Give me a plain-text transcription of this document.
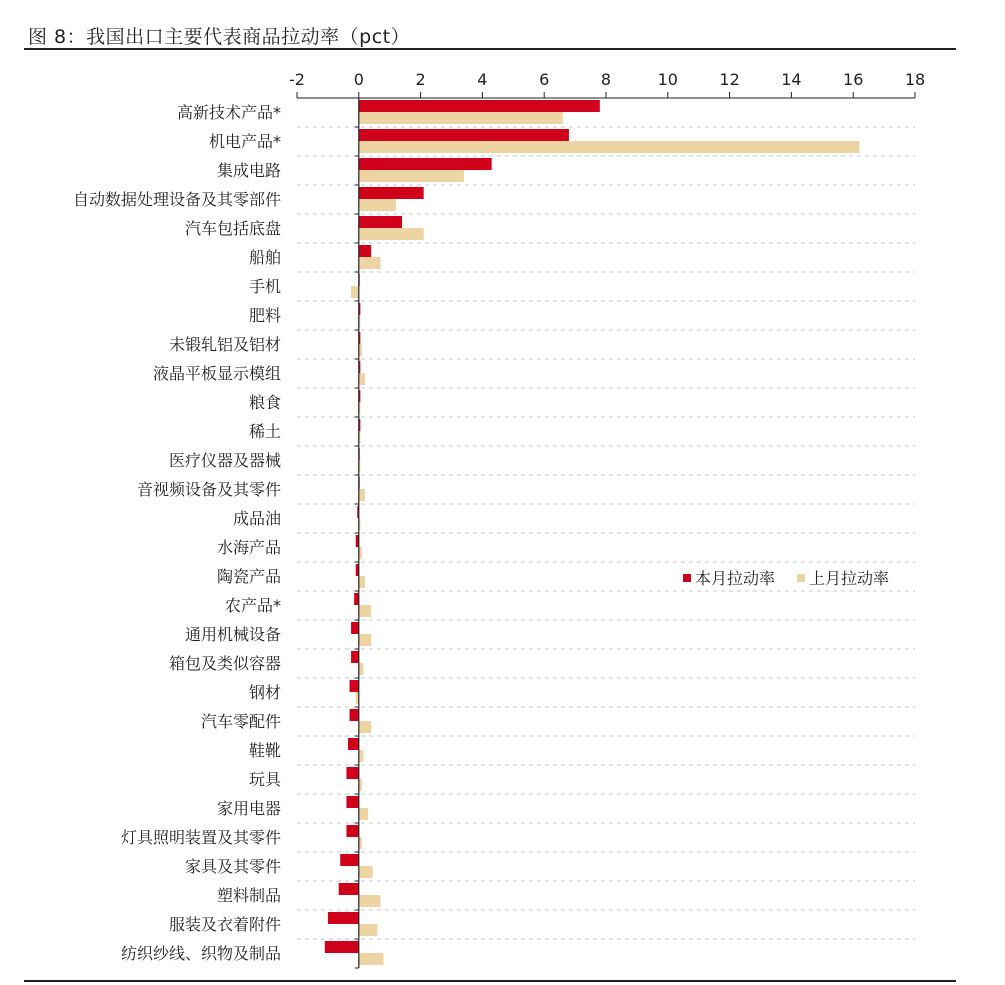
图 8：我国出口主要代表商品拉动率（pct）
-2	0	2	4	6	8	10	12	14	16	18
高新技术产品*
机电产品*
集成电路
自动数据处理设备及其零部件
汽车包括底盘
船舶
手机
肥料
未锻轧铝及铝材
液晶平板显示模组
粮食
稀土
医疗仪器及器械
音视频设备及其零件
成品油
水海产品
陶瓷产品
农产品*
通用机械设备
箱包及类似容器
钢材
汽车零配件
鞋靴
玩具
家用电器
灯具照明装置及其零件
家具及其零件
塑料制品
服装及衣着附件
纺织纱线、织物及制品
本月拉动率 上月拉动率
